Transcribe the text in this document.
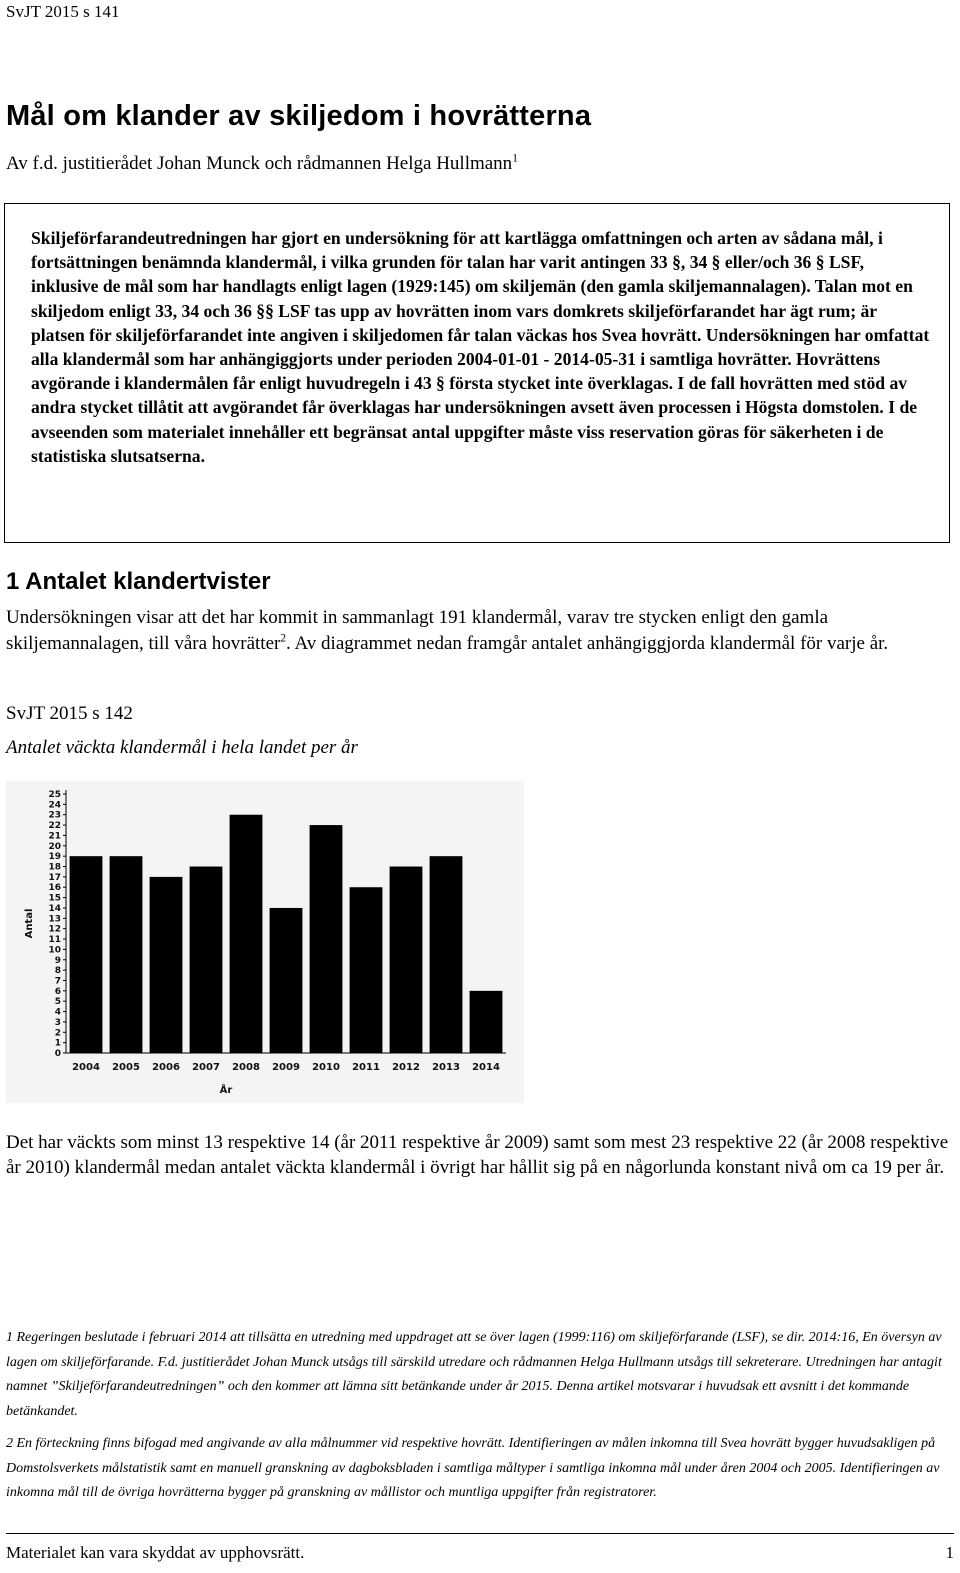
SvJT 2015 s 141
Mål om klander av skiljedom i hovrätterna
Av f.d. justitierådet Johan Munck och rådmannen Helga Hullmann$^1$

Skiljeförfarandeutredningen har gjort en undersökning för att kartlägga omfattningen och arten av sådana mål, i fortsättningen benämnda klandermål, i vilka grunden för talan har varit antingen 33 §, 34 § eller/och 36 § LSF, inklusive de mål som har handlagts enligt lagen (1929:145) om skiljemän (den gamla skiljemannalagen). Talan mot en skiljedom enligt 33, 34 och 36 §§ LSF tas upp av hovrätten inom vars domkrets skiljeförfarandet har ägt rum; är platsen för skiljeförfarandet inte angiven i skiljedomen får talan väckas hos Svea hovrätt. Undersökningen har omfattat alla klandermål som har anhängiggjorts under perioden 2004-01-01 - 2014-05-31 i samtliga hovrätter. Hovrättens avgörande i klandermålen får enligt huvudregeln i 43 § första stycket inte överklagas. I de fall hovrätten med stöd av andra stycket tillåtit att avgörandet får överklagas har undersökningen avsett även processen i Högsta domstolen. I de avseenden som materialet innehåller ett begränsat antal uppgifter måste viss reservation göras för säkerheten i de statistiska slutsatserna.

1 Antalet klandertvister

Undersökningen visar att det har kommit in sammanlagt 191 klandermål, varav tre stycken enligt den gamla skiljemannalagen, till våra hovrätter$^2$. Av diagrammet nedan framgår antalet anhängiggjorda klandermål för varje år.

SvJT 2015 s 142
Antalet väckta klandermål i hela landet per år
0
1
2
3
4
5
6
7
8
9
10
11
12
13
14
15
16
17
18
19
20
21
22
23
24
25
Antal
2004 2005 2006 2007 2008 2009 2010 2011 2012 2013 2014
År

Det har väckts som minst 13 respektive 14 (år 2011 respektive år 2009) samt som mest 23 respektive 22 (år 2008 respektive år 2010) klandermål medan antalet väckta klandermål i övrigt har hållit sig på en någorlunda konstant nivå om ca 19 per år.

1 Regeringen beslutade i februari 2014 att tillsätta en utredning med uppdraget att se över lagen (1999:116) om skiljeförfarande (LSF), se dir. 2014:16, En översyn av lagen om skiljeförfarande. F.d. justitierådet Johan Munck utsågs till särskild utredare och rådmannen Helga Hullmann utsågs till sekreterare. Utredningen har antagit namnet ”Skiljeförfarandeutredningen” och den kommer att lämna sitt betänkande under år 2015. Denna artikel motsvarar i huvudsak ett avsnitt i det kommande betänkandet.

2 En förteckning finns bifogad med angivande av alla målnummer vid respektive hovrätt. Identifieringen av målen inkomna till Svea hovrätt bygger huvudsakligen på Domstolsverkets målstatistik samt en manuell granskning av dagboksbladen i samtliga måltyper i samtliga inkomna mål under åren 2004 och 2005. Identifieringen av inkomna mål till de övriga hovrätterna bygger på granskning av mållistor och muntliga uppgifter från registratorer.

Materialet kan vara skyddat av upphovsrätt.	1
